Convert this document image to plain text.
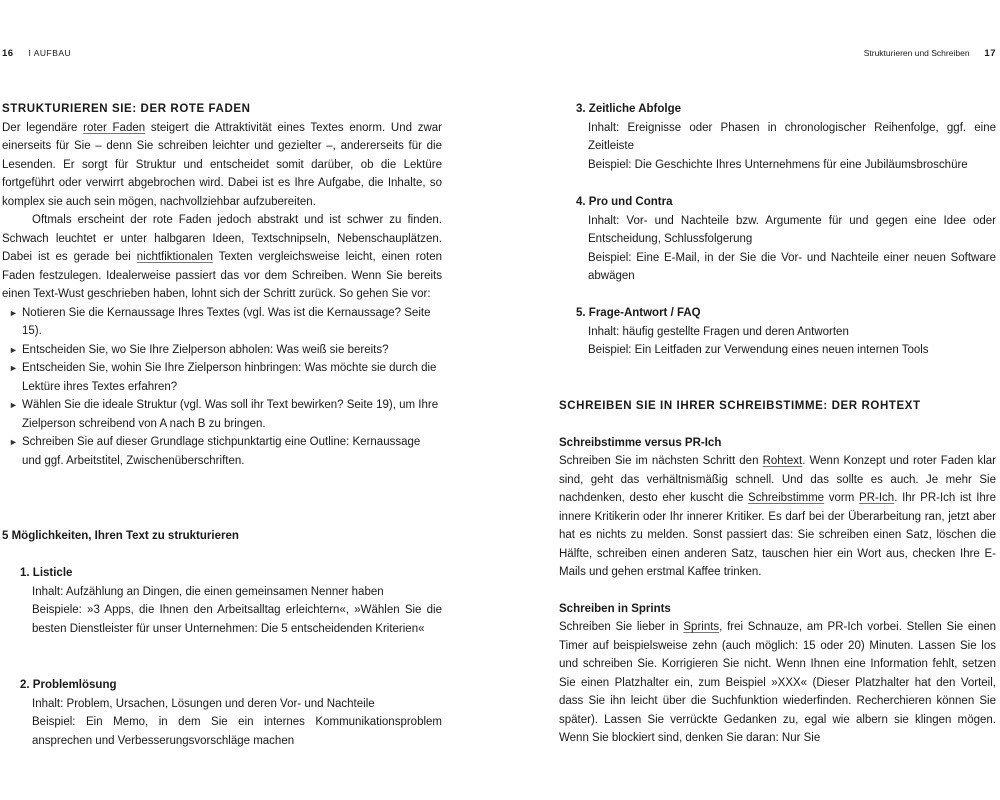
16 I AUFBAU

STRUKTURIEREN SIE: DER ROTE FADEN

Der legendäre roter Faden steigert die Attraktivität eines Textes enorm. Und zwar einerseits für Sie – denn Sie schreiben leichter und gezielter –, andererseits für die Lesenden. Er sorgt für Struktur und entscheidet somit darüber, ob die Lektüre fortgeführt oder verwirrt abgebrochen wird. Dabei ist es Ihre Aufgabe, die Inhalte, so komplex sie auch sein mögen, nachvollziehbar aufzubereiten.

Oftmals erscheint der rote Faden jedoch abstrakt und ist schwer zu finden. Schwach leuchtet er unter halbgaren Ideen, Textschnipseln, Nebenschauplätzen. Dabei ist es gerade bei nichtfiktionalen Texten vergleichsweise leicht, einen roten Faden festzulegen. Idealerweise passiert das vor dem Schreiben. Wenn Sie bereits einen Text-Wust geschrieben haben, lohnt sich der Schritt zurück. So gehen Sie vor:

► Notieren Sie die Kernaussage Ihres Textes (vgl. Was ist die Kernaussage? Seite 15).
► Entscheiden Sie, wo Sie Ihre Zielperson abholen: Was weiß sie bereits?
► Entscheiden Sie, wohin Sie Ihre Zielperson hinbringen: Was möchte sie durch die Lektüre ihres Textes erfahren?
► Wählen Sie die ideale Struktur (vgl. Was soll ihr Text bewirken? Seite 19), um Ihre Zielperson schreibend von A nach B zu bringen.
► Schreiben Sie auf dieser Grundlage stichpunktartig eine Outline: Kernaussage und ggf. Arbeitstitel, Zwischenüberschriften.

5 Möglichkeiten, Ihren Text zu strukturieren

1. Listicle

Inhalt: Aufzählung an Dingen, die einen gemeinsamen Nenner haben

Beispiele: »3 Apps, die Ihnen den Arbeitsalltag erleichtern«, »Wählen Sie die besten Dienstleister für unser Unternehmen: Die 5 entscheidenden Kriterien«

2. Problemlösung

Inhalt: Problem, Ursachen, Lösungen und deren Vor- und Nachteile

Beispiel: Ein Memo, in dem Sie ein internes Kommunikationsproblem ansprechen und Verbesserungsvorschläge machen

Strukturieren und Schreiben 17

3. Zeitliche Abfolge

Inhalt: Ereignisse oder Phasen in chronologischer Reihenfolge, ggf. eine Zeitleiste

Beispiel: Die Geschichte Ihres Unternehmens für eine Jubiläumsbroschüre

4. Pro und Contra

Inhalt: Vor- und Nachteile bzw. Argumente für und gegen eine Idee oder Entscheidung, Schlussfolgerung

Beispiel: Eine E-Mail, in der Sie die Vor- und Nachteile einer neuen Software abwägen

5. Frage-Antwort / FAQ

Inhalt: häufig gestellte Fragen und deren Antworten

Beispiel: Ein Leitfaden zur Verwendung eines neuen internen Tools

SCHREIBEN SIE IN IHRER SCHREIBSTIMME: DER ROHTEXT

Schreibstimme versus PR-Ich

Schreiben Sie im nächsten Schritt den Rohtext. Wenn Konzept und roter Faden klar sind, geht das verhältnismäßig schnell. Und das sollte es auch. Je mehr Sie nachdenken, desto eher kuscht die Schreibstimme vorm PR-Ich. Ihr PR-Ich ist Ihre innere Kritikerin oder Ihr innerer Kritiker. Es darf bei der Überarbeitung ran, jetzt aber hat es nichts zu melden. Sonst passiert das: Sie schreiben einen Satz, löschen die Hälfte, schreiben einen anderen Satz, tauschen hier ein Wort aus, checken Ihre E-Mails und gehen erstmal Kaffee trinken.

Schreiben in Sprints

Schreiben Sie lieber in Sprints, frei Schnauze, am PR-Ich vorbei. Stellen Sie einen Timer auf beispielsweise zehn (auch möglich: 15 oder 20) Minuten. Lassen Sie los und schreiben Sie. Korrigieren Sie nicht. Wenn Ihnen eine Information fehlt, setzen Sie einen Platzhalter ein, zum Beispiel »XXX« (Dieser Platzhalter hat den Vorteil, dass Sie ihn leicht über die Suchfunktion wiederfinden. Recherchieren können Sie später). Lassen Sie verrückte Gedanken zu, egal wie albern sie klingen mögen. Wenn Sie blockiert sind, denken Sie daran: Nur Sie
